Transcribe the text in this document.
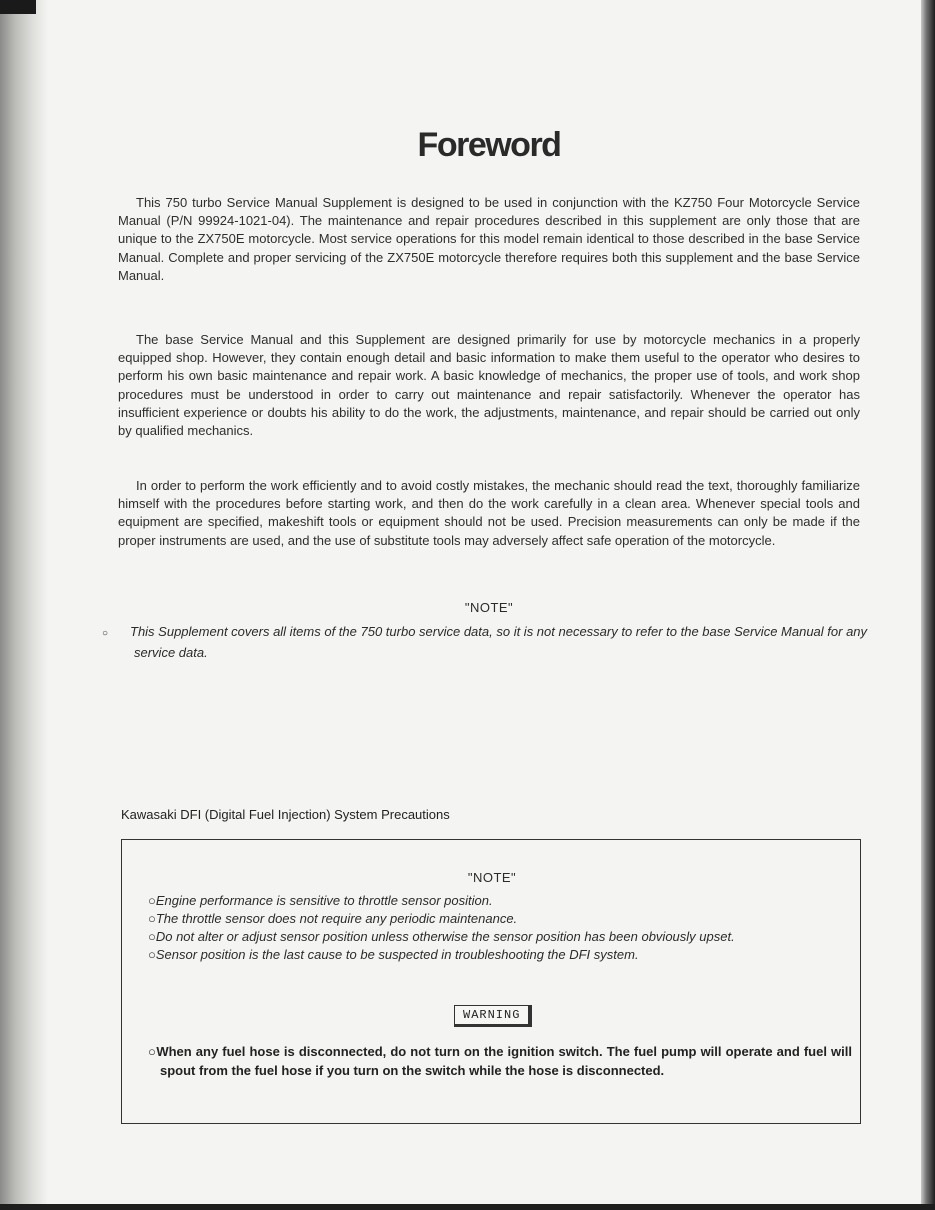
Foreword

This 750 turbo Service Manual Supplement is designed to be used in conjunction with the KZ750 Four Motorcycle Service Manual (P/N 99924-1021-04). The maintenance and repair procedures described in this supplement are only those that are unique to the ZX750E motorcycle. Most service operations for this model remain identical to those described in the base Service Manual. Complete and proper servicing of the ZX750E motorcycle therefore requires both this supplement and the base Service Manual.

The base Service Manual and this Supplement are designed primarily for use by motorcycle mechanics in a properly equipped shop. However, they contain enough detail and basic information to make them useful to the operator who desires to perform his own basic maintenance and repair work. A basic knowledge of mechanics, the proper use of tools, and work shop procedures must be understood in order to carry out maintenance and repair satisfactorily. Whenever the operator has insufficient experience or doubts his ability to do the work, the adjustments, maintenance, and repair should be carried out only by qualified mechanics.

In order to perform the work efficiently and to avoid costly mistakes, the mechanic should read the text, thoroughly familiarize himself with the procedures before starting work, and then do the work carefully in a clean area. Whenever special tools and equipment are specified, makeshift tools or equipment should not be used. Precision measurements can only be made if the proper instruments are used, and the use of substitute tools may adversely affect safe operation of the motorcycle.

"NOTE"

○ This Supplement covers all items of the 750 turbo service data, so it is not necessary to refer to the base Service Manual for any service data.

Kawasaki DFI (Digital Fuel Injection) System Precautions
"NOTE"
○Engine performance is sensitive to throttle sensor position.
○The throttle sensor does not require any periodic maintenance.
○Do not alter or adjust sensor position unless otherwise the sensor position has been obviously upset.
○Sensor position is the last cause to be suspected in troubleshooting the DFI system.
WARNING

○When any fuel hose is disconnected, do not turn on the ignition switch. The fuel pump will operate and fuel will spout from the fuel hose if you turn on the switch while the hose is disconnected.
